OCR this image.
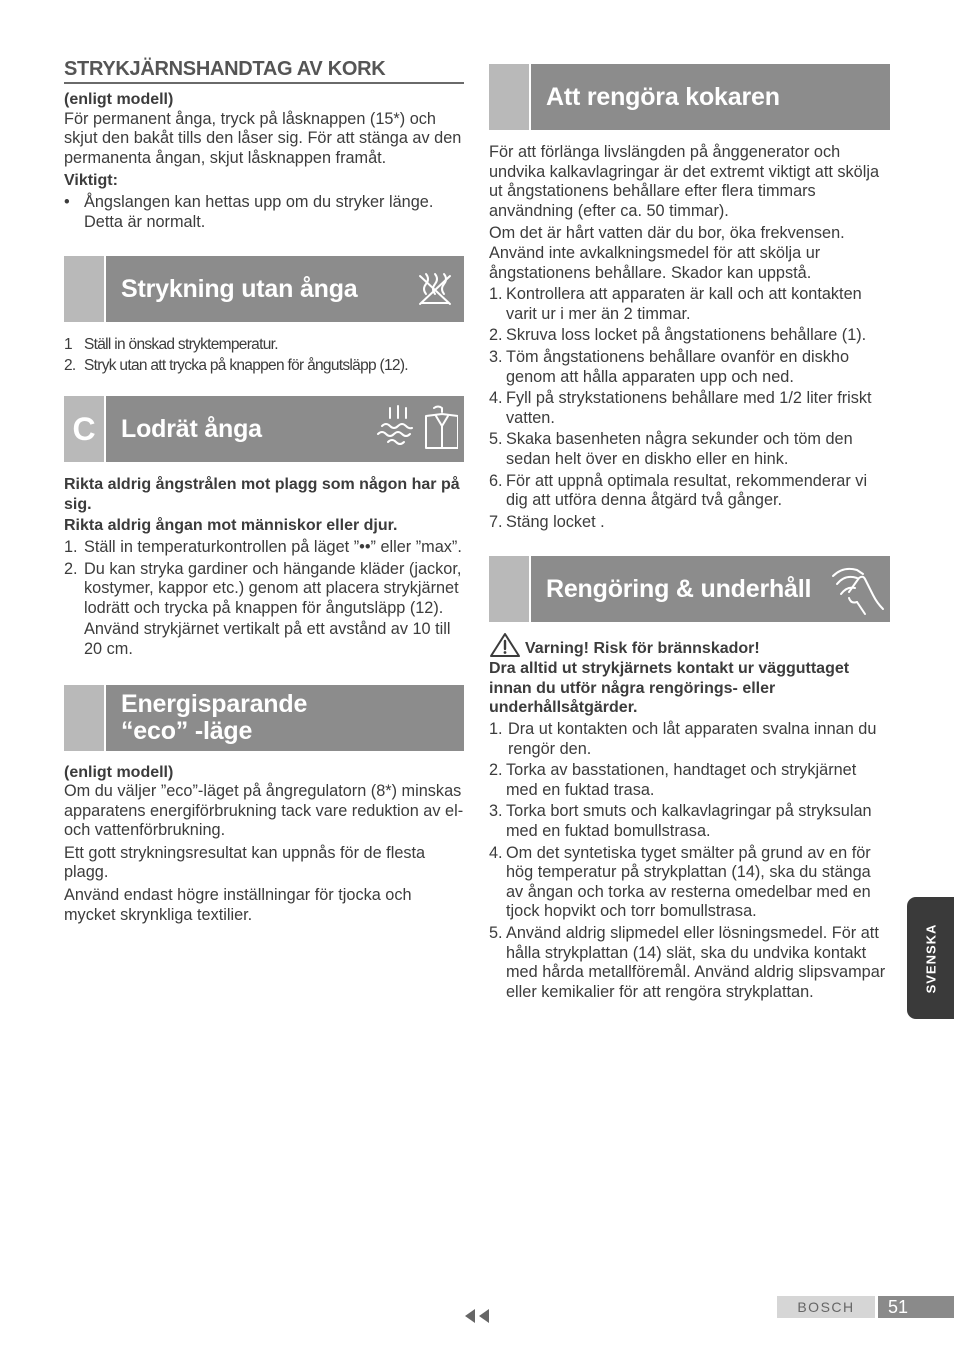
STRYKJÄRNSHANDTAG AV KORK

(enligt modell)

För permanent ånga, tryck på låsknappen (15*) och skjut den bakåt tills den låser sig. För att stänga av den permanenta ångan, skjut låsknappen framåt.

Viktigt:

• Ångslangen kan hettas upp om du stryker länge. Detta är normalt.
Strykning utan ånga
1 Ställ in önskad stryktemperatur.
2. Stryk utan att trycka på knappen för ångutsläpp (12).
C	Lodrät ånga

Rikta aldrig ångstrålen mot plagg som någon har på sig.

Rikta aldrig ångan mot människor eller djur.

1. Ställ in temperaturkontrollen på läget ”••” eller ”max”.
2. Du kan stryka gardiner och hängande kläder (jackor, kostymer, kappor etc.) genom att placera strykjärnet lodrätt och trycka på knappen för ångutsläpp (12).

Använd strykjärnet vertikalt på ett avstånd av 10 till 20 cm.

Energisparande
“eco” -läge

(enligt modell)

Om du väljer ”eco”-läget på ångregulatorn (8*) minskas apparatens energiförbrukning tack vare reduktion av el- och vattenförbrukning.

Ett gott strykningsresultat kan uppnås för de flesta plagg.

Använd endast högre inställningar för tjocka och mycket skrynkliga textilier.

Att rengöra kokaren

För att förlänga livslängden på ånggenerator och undvika kalkavlagringar är det extremt viktigt att skölja ut ångstationens behållare efter flera timmars användning (efter ca. 50 timmar).

Om det är hårt vatten där du bor, öka frekvensen. Använd inte avkalkningsmedel för att skölja ur ångstationens behållare. Skador kan uppstå.

1. Kontrollera att apparaten är kall och att kontakten varit ur i mer än 2 timmar.
2. Skruva loss locket på ångstationens behållare (1).
3. Töm ångstationens behållare ovanför en diskho genom att hålla apparaten upp och ned.
4. Fyll på strykstationens behållare med 1/2 liter friskt vatten.
5. Skaka basenheten några sekunder och töm den sedan helt över en diskho eller en hink.
6. För att uppnå optimala resultat, rekommenderar vi dig att utföra denna åtgärd två gånger.
7. Stäng locket .
Rengöring & underhåll
Varning! Risk för brännskador!

Dra alltid ut strykjärnets kontakt ur vägguttaget innan du utför några rengörings- eller underhållsåtgärder.

1. Dra ut kontakten och låt apparaten svalna innan du rengör den.
2. Torka av basstationen, handtaget och strykjärnet med en fuktad trasa.
3. Torka bort smuts och kalkavlagringar på stryksulan med en fuktad bomullstrasa.
4. Om det syntetiska tyget smälter på grund av en för hög temperatur på strykplattan (14), ska du stänga av ångan och torka av resterna omedelbar med en tjock hopvikt och torr bomullstrasa.
5. Använd aldrig slipmedel eller lösningsmedel. För att hålla strykplattan (14) slät, ska du undvika kontakt med hårda metallföremål. Använd aldrig slipsvampar eller kemikalier för att rengöra strykplattan.	SVENSKA
BOSCH	51
